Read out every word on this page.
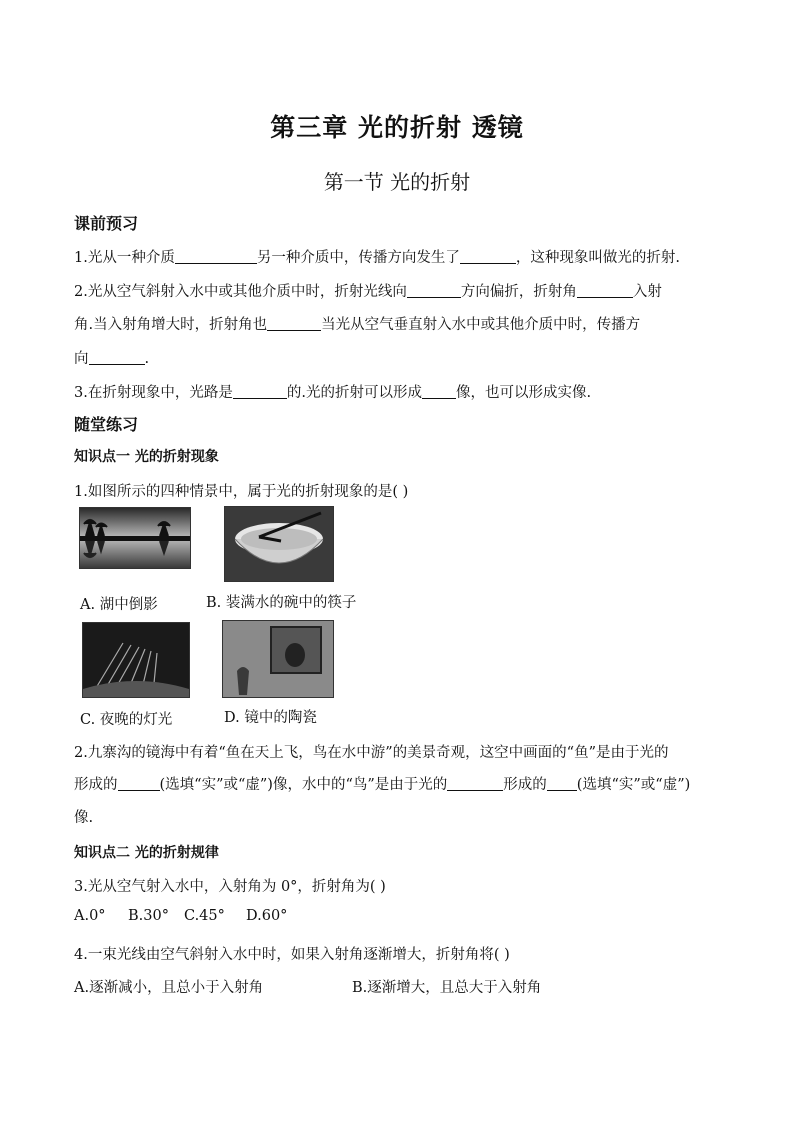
第三章 光的折射 透镜
第一节 光的折射
课前预习
1.光从一种介质	另一种介质中，传播方向发生了	，这种现象叫做光的折射.
2.光从空气斜射入水中或其他介质中时，折射光线向	方向偏折，折射角	入射
角.当入射角增大时，折射角也	当光从空气垂直射入水中或其他介质中时，传播方
向	.
3.在折射现象中，光路是	的.光的折射可以形成 像，也可以形成实像.
随堂练习
知识点一 光的折射现象
1.如图所示的四种情景中，属于光的折射现象的是( )
A. 湖中倒影	B. 装满水的碗中的筷子
C. 夜晚的灯光	D. 镜中的陶瓷
2.九寨沟的镜海中有着“鱼在天上飞，鸟在水中游”的美景奇观，这空中画面的“鱼”是由于光的
形成的	(选填“实”或“虚”)像，水中的“鸟”是由于光的	形成的 (选填“实”或“虚”)
像.
知识点二 光的折射规律
3.光从空气射入水中，入射角为 0°，折射角为( )
A.0° B.30° C.45° D.60°
4.一束光线由空气斜射入水中时，如果入射角逐渐增大，折射角将( )
A.逐渐减小，且总小于入射角	B.逐渐增大，且总大于入射角
